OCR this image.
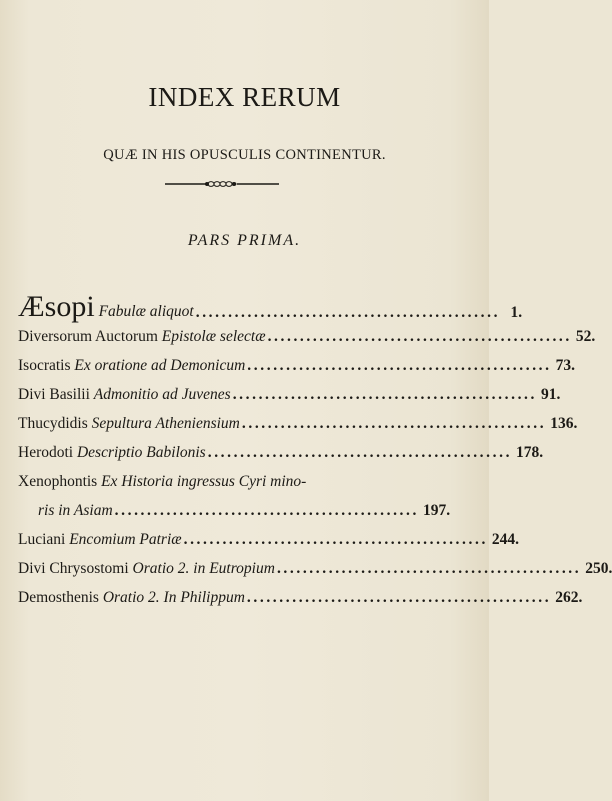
INDEX RERUM
QUÆ IN HIS OPUSCULIS CONTINENTUR.
PARS PRIMA.
Æsopi Fabulæ aliquot ............................................... 1.
Diversorum Auctorum Epistolæ selectæ ............................................... 52.
Isocratis Ex oratione ad Demonicum ............................................... 73.
Divi Basilii Admonitio ad Juvenes ............................................... 91.
Thucydidis Sepultura Atheniensium ............................................... 136.
Herodoti Descriptio Babilonis ............................................... 178.
Xenophontis Ex Historia ingressus Cyri mino-
ris in Asiam ............................................... 197.
Luciani Encomium Patriæ ............................................... 244.
Divi Chrysostomi Oratio 2. in Eutropium ............................................... 250.
Demosthenis Oratio 2. In Philippum ............................................... 262.
